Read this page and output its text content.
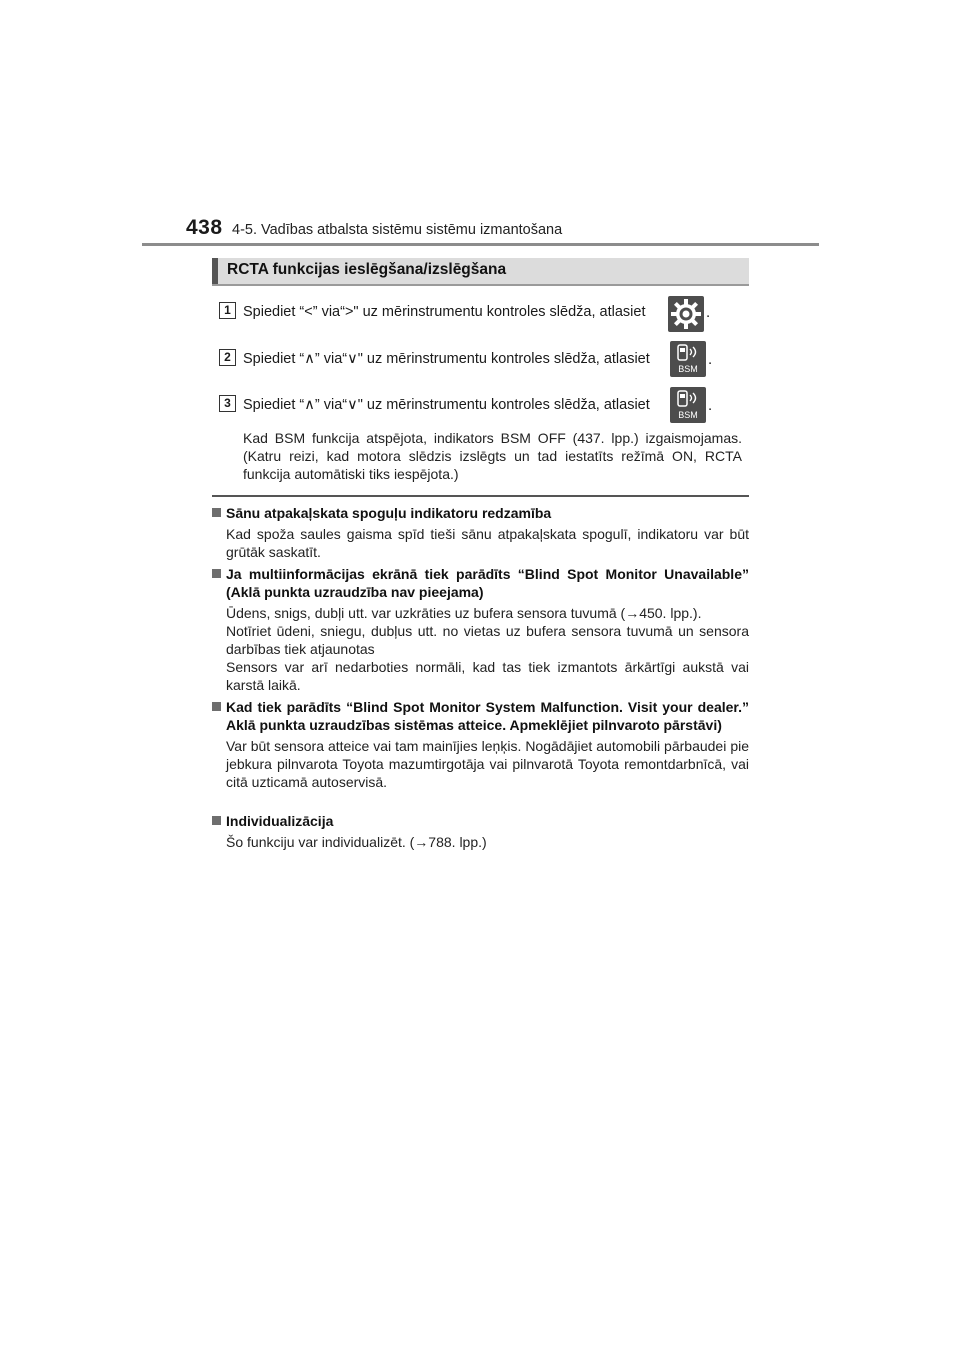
438 4-5. Vadības atbalsta sistēmu sistēmu izmantošana
RCTA funkcijas ieslēgšana/izslēgšana
1 Spiediet “<” via“>" uz mērinstrumentu kontroles slēdža, atlasiet	.
2 Spiediet “∧” via“∨" uz mērinstrumentu kontroles slēdža, atlasiet
BSM
.
3 Spiediet “∧” via“∨" uz mērinstrumentu kontroles slēdža, atlasiet
BSM
.
Kad BSM funkcija atspējota, indikators BSM OFF (437. lpp.) izgaismojamas. (Katru reizi, kad motora slēdzis izslēgts un tad iestatīts režīmā ON, RCTA funkcija automātiski tiks iespējota.)
Sānu atpakaļskata spoguļu indikatoru redzamība

Kad spoža saules gaisma spīd tieši sānu atpakaļskata spogulī, indikatoru var būt grūtāk saskatīt.

Ja multiinformācijas ekrānā tiek parādīts “Blind Spot Monitor Unavailable” (Aklā punkta uzraudzība nav pieejama)

Ūdens, snigs, dubļi utt. var uzkrāties uz bufera sensora tuvumā (→450. lpp.).

Notīriet ūdeni, sniegu, dubļus utt. no vietas uz bufera sensora tuvumā un sensora darbības tiek atjaunotas

Sensors var arī nedarboties normāli, kad tas tiek izmantots ārkārtīgi aukstā vai karstā laikā.

Kad tiek parādīts “Blind Spot Monitor System Malfunction. Visit your dealer.” Aklā punkta uzraudzības sistēmas atteice. Apmeklējiet pilnvaroto pārstāvi)

Var būt sensora atteice vai tam mainījies leņķis. Nogādājiet automobili pārbaudei pie jebkura pilnvarota Toyota mazumtirgotāja vai pilnvarotā Toyota remontdarbnīcā, vai citā uzticamā autoservisā.

Individualizācija

Šo funkciju var individualizēt. (→788. lpp.)
